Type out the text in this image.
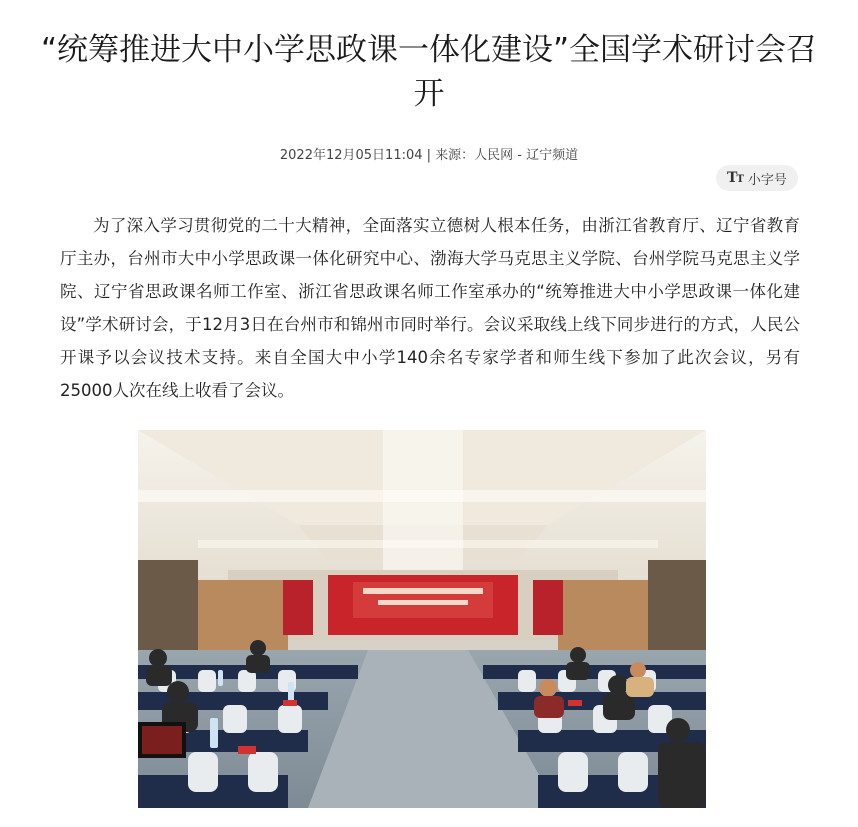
“统筹推进大中小学思政课一体化建设”全国学术研讨会召开
2022年12月05日11:04 | 来源：人民网 - 辽宁频道
TT 小字号

为了深入学习贯彻党的二十大精神，全面落实立德树人根本任务，由浙江省教育厅、辽宁省教育厅主办，台州市大中小学思政课一体化研究中心、渤海大学马克思主义学院、台州学院马克思主义学院、辽宁省思政课名师工作室、浙江省思政课名师工作室承办的“统筹推进大中小学思政课一体化建设”学术研讨会，于12月3日在台州市和锦州市同时举行。会议采取线上线下同步进行的方式，人民公开课予以会议技术支持。来自全国大中小学140余名专家学者和师生线下参加了此次会议，另有25000人次在线上收看了会议。
